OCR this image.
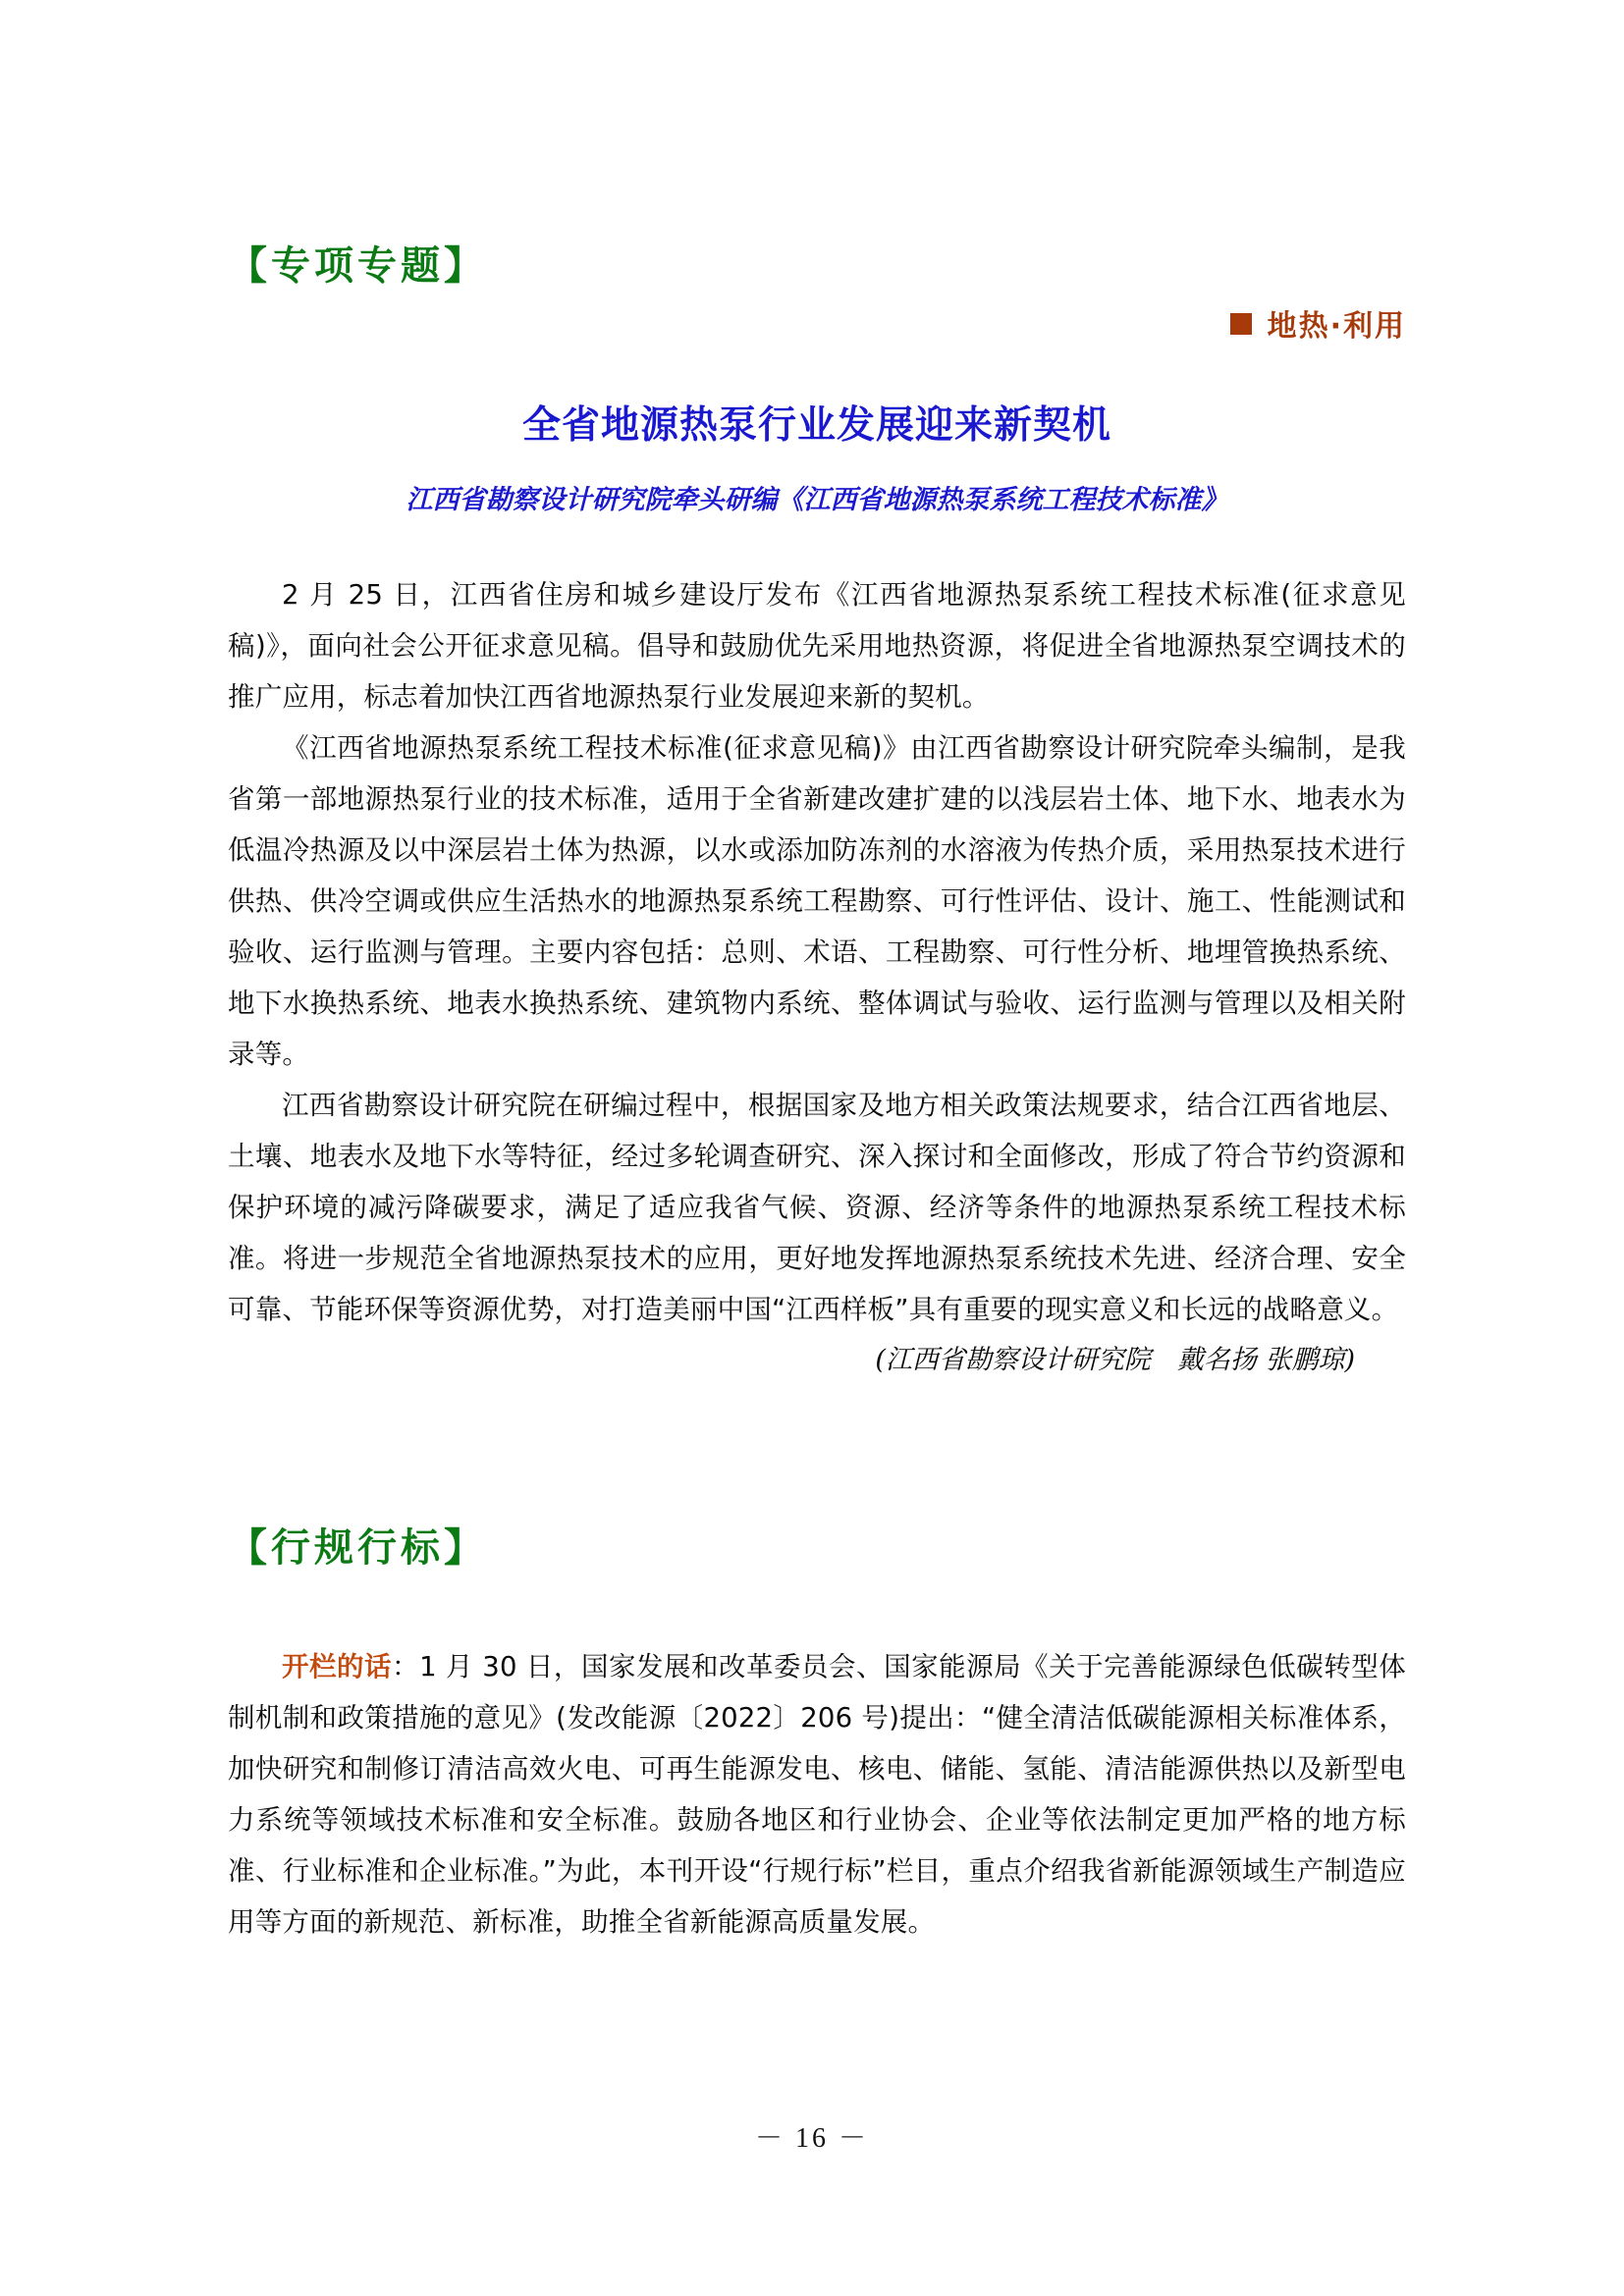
【专项专题】
地热·利用
全省地源热泵行业发展迎来新契机
江西省勘察设计研究院牵头研编《江西省地源热泵系统工程技术标准》

2 月 25 日，江西省住房和城乡建设厅发布《江西省地源热泵系统工程技术标准(征求意见稿)》，面向社会公开征求意见稿。倡导和鼓励优先采用地热资源，将促进全省地源热泵空调技术的推广应用，标志着加快江西省地源热泵行业发展迎来新的契机。

《江西省地源热泵系统工程技术标准(征求意见稿)》由江西省勘察设计研究院牵头编制，是我省第一部地源热泵行业的技术标准，适用于全省新建改建扩建的以浅层岩土体、地下水、地表水为低温冷热源及以中深层岩土体为热源，以水或添加防冻剂的水溶液为传热介质，采用热泵技术进行供热、供冷空调或供应生活热水的地源热泵系统工程勘察、可行性评估、设计、施工、性能测试和验收、运行监测与管理。主要内容包括：总则、术语、工程勘察、可行性分析、地埋管换热系统、地下水换热系统、地表水换热系统、建筑物内系统、整体调试与验收、运行监测与管理以及相关附录等。

江西省勘察设计研究院在研编过程中，根据国家及地方相关政策法规要求，结合江西省地层、土壤、地表水及地下水等特征，经过多轮调查研究、深入探讨和全面修改，形成了符合节约资源和保护环境的减污降碳要求，满足了适应我省气候、资源、经济等条件的地源热泵系统工程技术标准。将进一步规范全省地源热泵技术的应用，更好地发挥地源热泵系统技术先进、经济合理、安全可靠、节能环保等资源优势，对打造美丽中国“江西样板”具有重要的现实意义和长远的战略意义。

(江西省勘察设计研究院　戴名扬 张鹏琼)

【行规行标】

开栏的话：1 月 30 日，国家发展和改革委员会、国家能源局《关于完善能源绿色低碳转型体制机制和政策措施的意见》(发改能源〔2022〕206 号)提出：“健全清洁低碳能源相关标准体系，加快研究和制修订清洁高效火电、可再生能源发电、核电、储能、氢能、清洁能源供热以及新型电力系统等领域技术标准和安全标准。鼓励各地区和行业协会、企业等依法制定更加严格的地方标准、行业标准和企业标准。”为此，本刊开设“行规行标”栏目，重点介绍我省新能源领域生产制造应用等方面的新规范、新标准，助推全省新能源高质量发展。

－ 16 －
